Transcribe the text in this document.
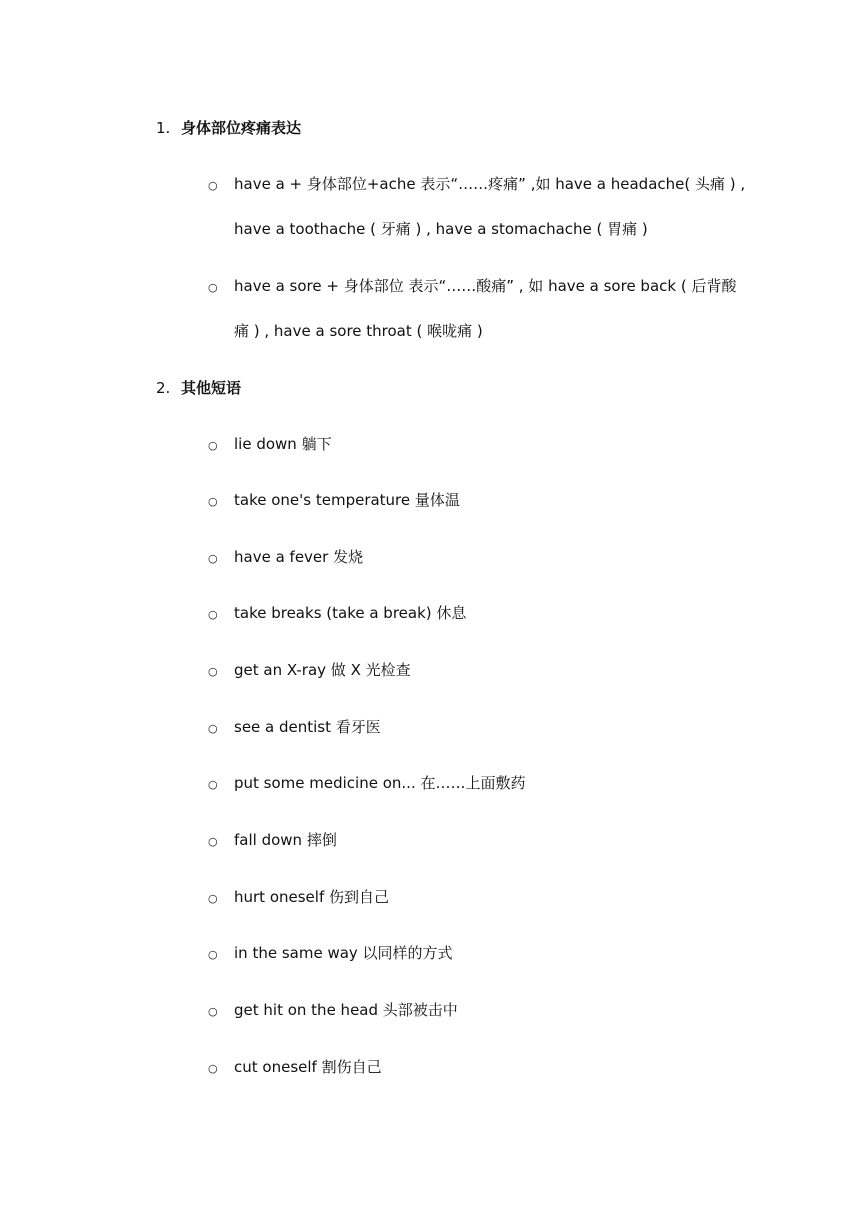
1. 身体部位疼痛表达
○ have a + 身体部位+ache 表示“……疼痛” ,如 have a headache( 头痛 ) , have a toothache ( 牙痛 ) , have a stomachache ( 胃痛 )
○ have a sore + 身体部位 表示“……酸痛” , 如 have a sore back ( 后背酸痛 ) , have a sore throat ( 喉咙痛 )
2. 其他短语
○ lie down 躺下
○ take one's temperature 量体温
○ have a fever 发烧
○ take breaks (take a break) 休息
○ get an X-ray 做 X 光检查
○ see a dentist 看牙医
○ put some medicine on... 在……上面敷药
○ fall down 摔倒
○ hurt oneself 伤到自己
○ in the same way 以同样的方式
○ get hit on the head 头部被击中
○ cut oneself 割伤自己
